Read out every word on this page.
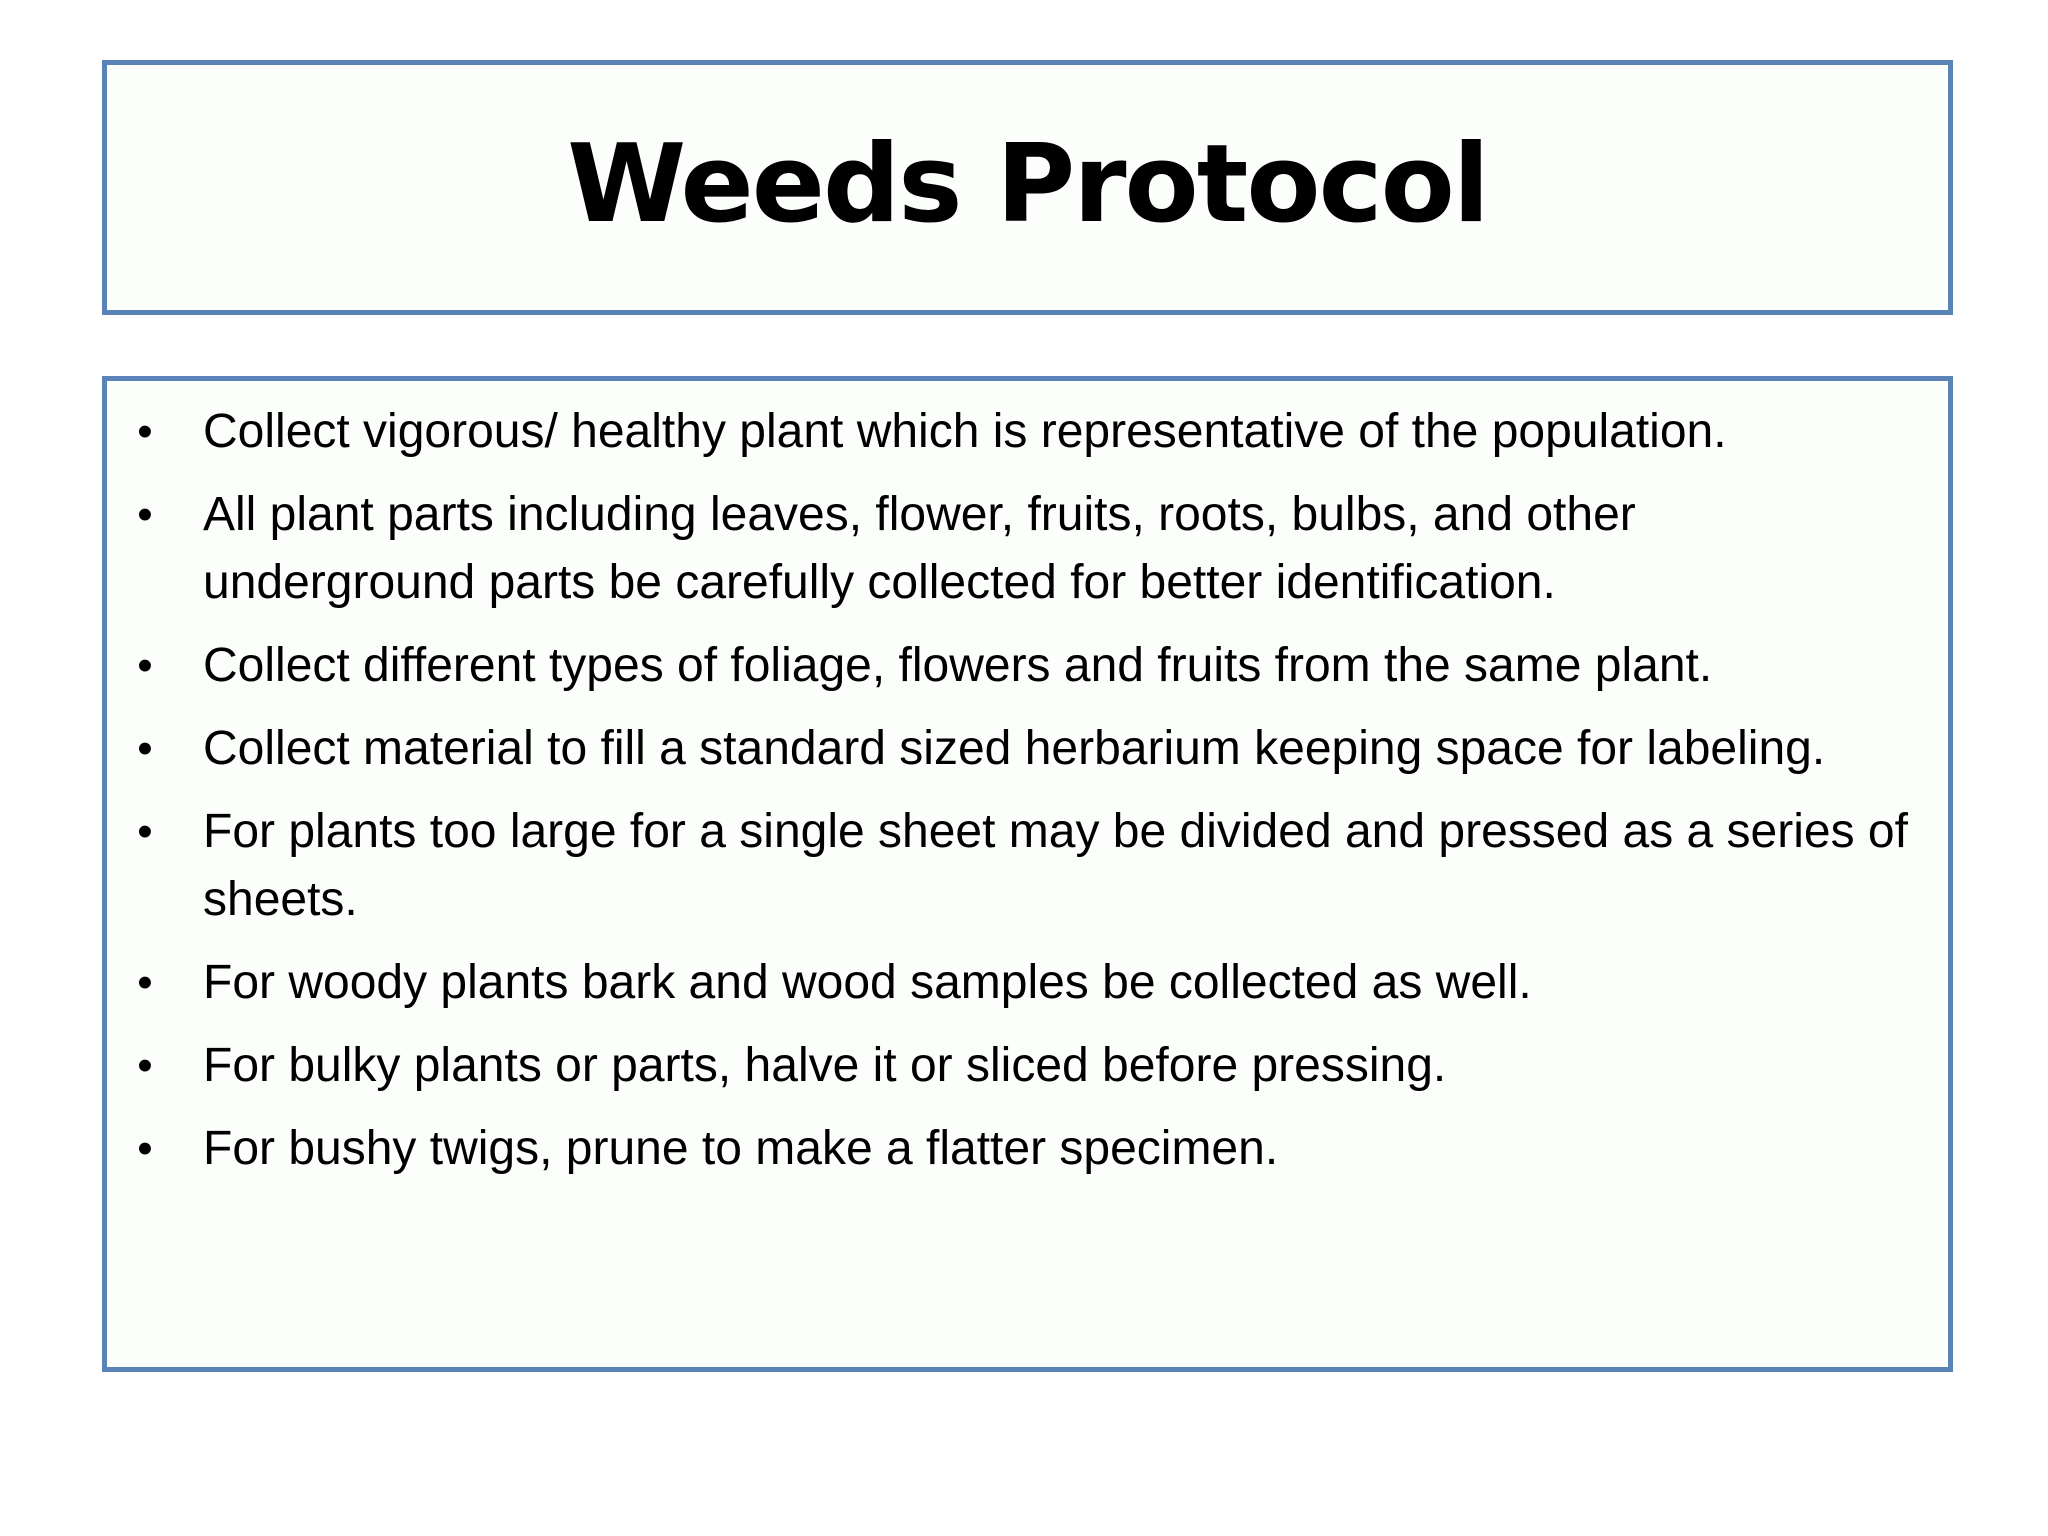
Weeds Protocol
• Collect vigorous/ healthy plant which is representative of the population.
• All plant parts including leaves, flower, fruits, roots, bulbs, and other underground parts be carefully collected for better identification.
• Collect different types of foliage, flowers and fruits from the same plant.
• Collect material to fill a standard sized herbarium keeping space for labeling.
• For plants too large for a single sheet may be divided and pressed as a series of sheets.
• For woody plants bark and wood samples be collected as well.
• For bulky plants or parts, halve it or sliced before pressing.
• For bushy twigs, prune to make a flatter specimen.
